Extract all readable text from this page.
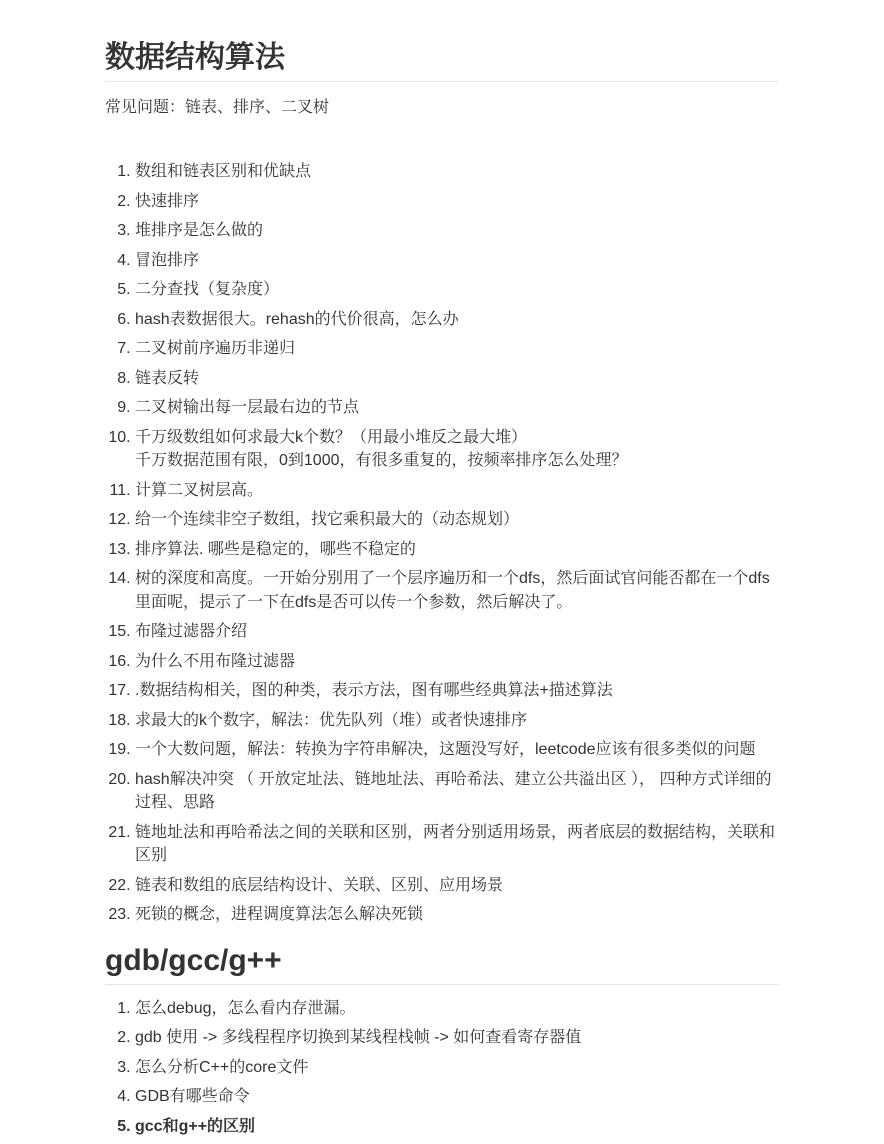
数据结构算法

常见问题：链表、排序、二叉树

1. 数组和链表区别和优缺点
2. 快速排序
3. 堆排序是怎么做的
4. 冒泡排序
5. 二分查找（复杂度）
6. hash表数据很大。rehash的代价很高，怎么办
7. 二叉树前序遍历非递归
8. 链表反转
9. 二叉树输出每一层最右边的节点
10. 千万级数组如何求最大k个数？（用最小堆反之最大堆）
千万数据范围有限，0到1000，有很多重复的，按频率排序怎么处理？
11. 计算二叉树层高。
12. 给一个连续非空子数组，找它乘积最大的（动态规划）
13. 排序算法. 哪些是稳定的，哪些不稳定的
14. 树的深度和高度。一开始分别用了一个层序遍历和一个dfs，然后面试官问能否都在一个dfs里面呢，提示了一下在dfs是否可以传一个参数，然后解决了。
15. 布隆过滤器介绍
16. 为什么不用布隆过滤器
17. .数据结构相关，图的种类，表示方法，图有哪些经典算法+描述算法
18. 求最大的k个数字，解法：优先队列（堆）或者快速排序
19. 一个大数问题，解法：转换为字符串解决，这题没写好，leetcode应该有很多类似的问题
20. hash解决冲突 （ 开放定址法、链地址法、再哈希法、建立公共溢出区 ）， 四种方式详细的过程、思路
21. 链地址法和再哈希法之间的关联和区别，两者分别适用场景，两者底层的数据结构，关联和区别
22. 链表和数组的底层结构设计、关联、区别、应用场景
23. 死锁的概念，进程调度算法怎么解决死锁
gdb/gcc/g++
1. 怎么debug，怎么看内存泄漏。
2. gdb 使用 -> 多线程程序切换到某线程栈帧 -> 如何查看寄存器值
3. 怎么分析C++的core文件
4. GDB有哪些命令
5. gcc和g++的区别
